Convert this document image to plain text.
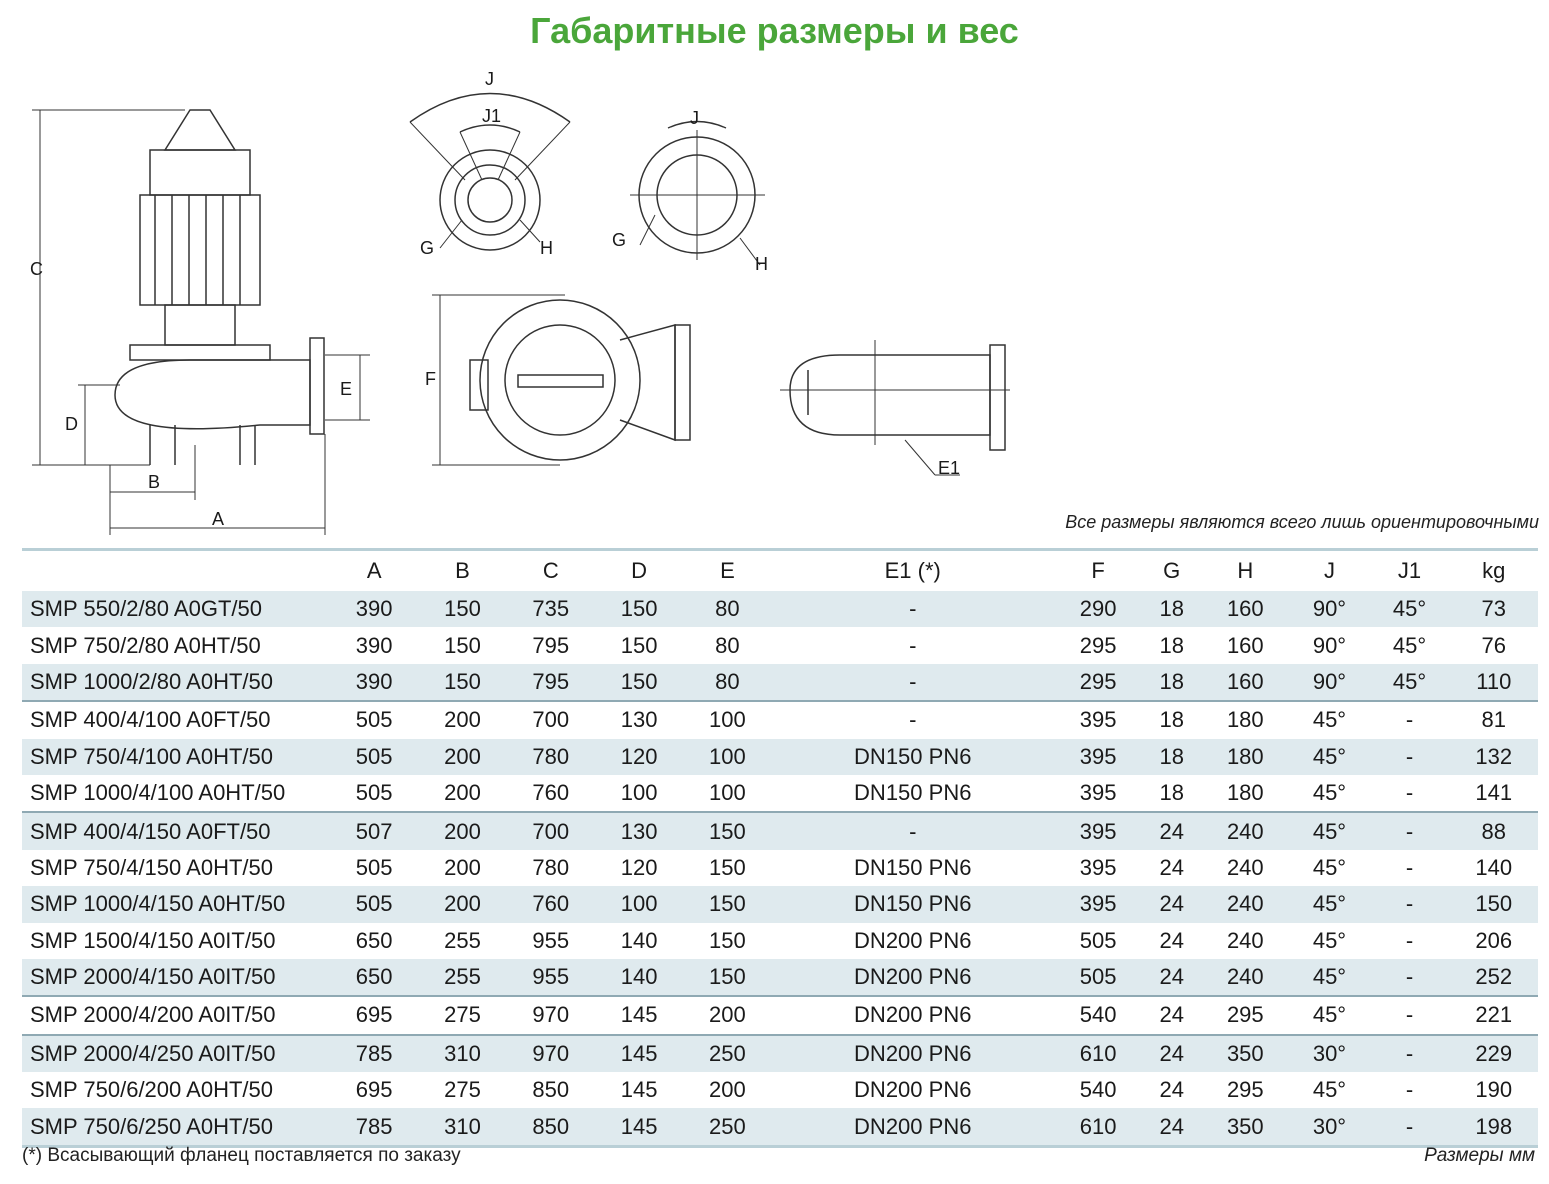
Габаритные размеры и вес
C
D
E
B
A
J
J1
G	H
J
G
H
F
E1
Все размеры являются всего лишь ориентировочными
	A	B	C	D	E	E1 (*)	F	G	H	J	J1	kg
SMP 550/2/80 A0GT/50	390	150	735	150	80	-	290	18	160	90°	45°	73
SMP 750/2/80 A0HT/50	390	150	795	150	80	-	295	18	160	90°	45°	76
SMP 1000/2/80 A0HT/50	390	150	795	150	80	-	295	18	160	90°	45°	110
SMP 400/4/100 A0FT/50	505	200	700	130	100	-	395	18	180	45°	-	81
SMP 750/4/100 A0HT/50	505	200	780	120	100	DN150 PN6	395	18	180	45°	-	132
SMP 1000/4/100 A0HT/50	505	200	760	100	100	DN150 PN6	395	18	180	45°	-	141
SMP 400/4/150 A0FT/50	507	200	700	130	150	-	395	24	240	45°	-	88
SMP 750/4/150 A0HT/50	505	200	780	120	150	DN150 PN6	395	24	240	45°	-	140
SMP 1000/4/150 A0HT/50	505	200	760	100	150	DN150 PN6	395	24	240	45°	-	150
SMP 1500/4/150 A0IT/50	650	255	955	140	150	DN200 PN6	505	24	240	45°	-	206
SMP 2000/4/150 A0IT/50	650	255	955	140	150	DN200 PN6	505	24	240	45°	-	252
SMP 2000/4/200 A0IT/50	695	275	970	145	200	DN200 PN6	540	24	295	45°	-	221
SMP 2000/4/250 A0IT/50	785	310	970	145	250	DN200 PN6	610	24	350	30°	-	229
SMP 750/6/200 A0HT/50	695	275	850	145	200	DN200 PN6	540	24	295	45°	-	190
SMP 750/6/250 A0HT/50	785	310	850	145	250	DN200 PN6	610	24	350	30°	-	198
(*) Всасывающий фланец поставляется по заказу	Размеры мм
